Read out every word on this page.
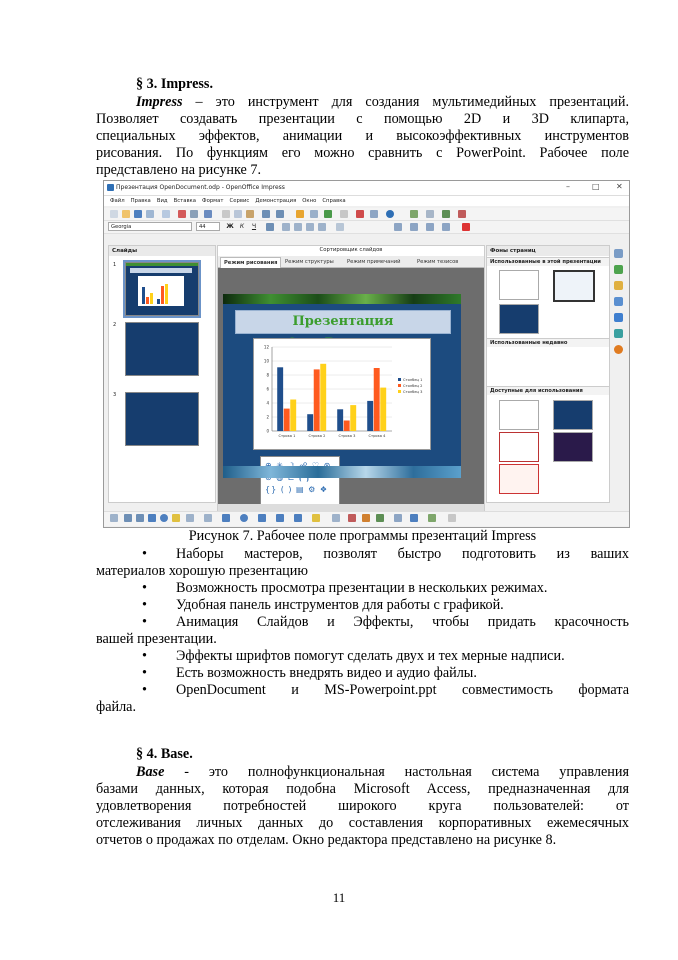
§ 3. Impress.
Impress – это инструмент для создания мультимедийных презентаций.
Позволяет создавать презентации с помощью 2D и 3D клипарта,
специальных эффектов, анимации и высокоэффективных инструментов
рисования. По функциям его можно сравнить с PowerPoint. Рабочее поле
представлено на рисунке 7.
Презентация OpenDocument.odp - OpenOffice Impress	–	□ ✕
Файл Правка Вид Вставка Формат Сервис Демонстрация Окно Справка
Georgia	44	Ж	К	Ч
Слайды
1
2
3
Сортировщик слайдов
Режим рисования	Режим структуры	Режим примечаний	Режим тезисов
Презентация
12
10
8
6
4
2
0
Строка 1	Строка 2	Строка 3	Строка 4
Столбец 1
Столбец 2
Столбец 3
{} ( ) ▤ ⚙ ❖
Фоны страниц
Использованные в этой презентации
Использованные недавно
Доступные для использования
Рисунок 7. Рабочее поле программы презентаций Impress
•	Наборы мастеров, позволят быстро подготовить из ваших
материалов хорошую презентацию
•	Возможность просмотра презентации в нескольких режимах.
•	Удобная панель инструментов для работы с графикой.
•	Анимация Слайдов и Эффекты, чтобы придать красочность
вашей презентации.
•	Эффекты шрифтов помогут сделать двух и тех мерные надписи.
•	Есть возможность внедрять видео и аудио файлы.
•	OpenDocument и MS-Powerpoint.ppt совместимость формата
файла.
§ 4. Base.
Base - это полнофункциональная настольная система управления
базами данных, которая подобна Microsoft Access, предназначенная для
удовлетворения потребностей широкого круга пользователей: от
отслеживания личных данных до составления корпоративных ежемесячных
отчетов о продажах по отделам. Окно редактора представлено на рисунке 8.
11
